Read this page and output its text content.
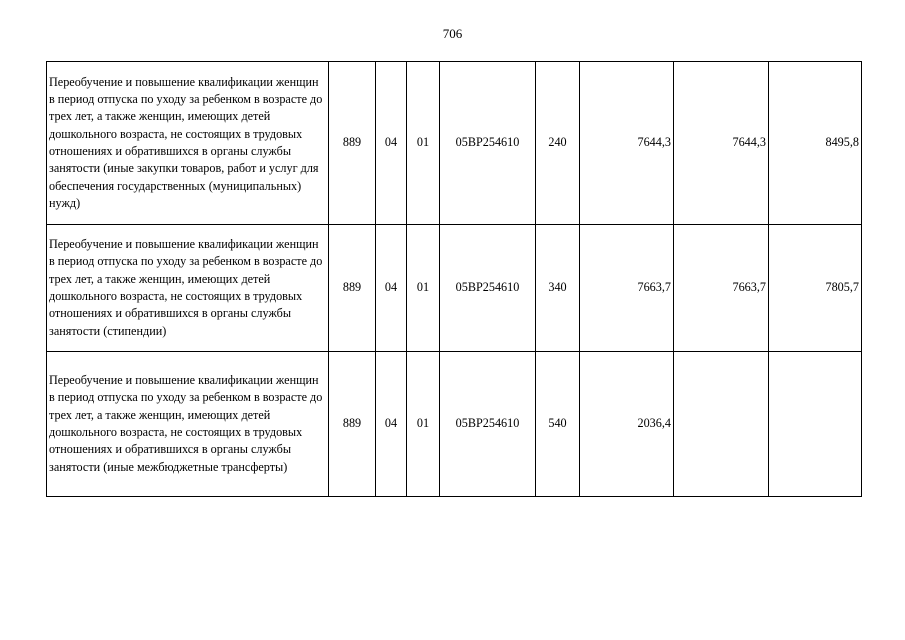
706
Переобучение и повышение квалификации женщин в период отпуска по уходу за ребенком в возрасте до трех лет, а также женщин, имеющих детей дошкольного возраста, не состоящих в трудовых отношениях и обратившихся в органы службы занятости (иные закупки товаров, работ и услуг для обеспечения государственных (муниципальных) нужд)	889	04	01	05ВР254610	240	7644,3	7644,3	8495,8
Переобучение и повышение квалификации женщин в период отпуска по уходу за ребенком в возрасте до трех лет, а также женщин, имеющих детей дошкольного возраста, не состоящих в трудовых отношениях и обратившихся в органы службы занятости (стипендии)	889	04	01	05ВР254610	340	7663,7	7663,7	7805,7
Переобучение и повышение квалификации женщин в период отпуска по уходу за ребенком в возрасте до трех лет, а также женщин, имеющих детей дошкольного возраста, не состоящих в трудовых отношениях и обратившихся в органы службы занятости (иные межбюджетные трансферты)	889	04	01	05ВР254610	540	2036,4		
